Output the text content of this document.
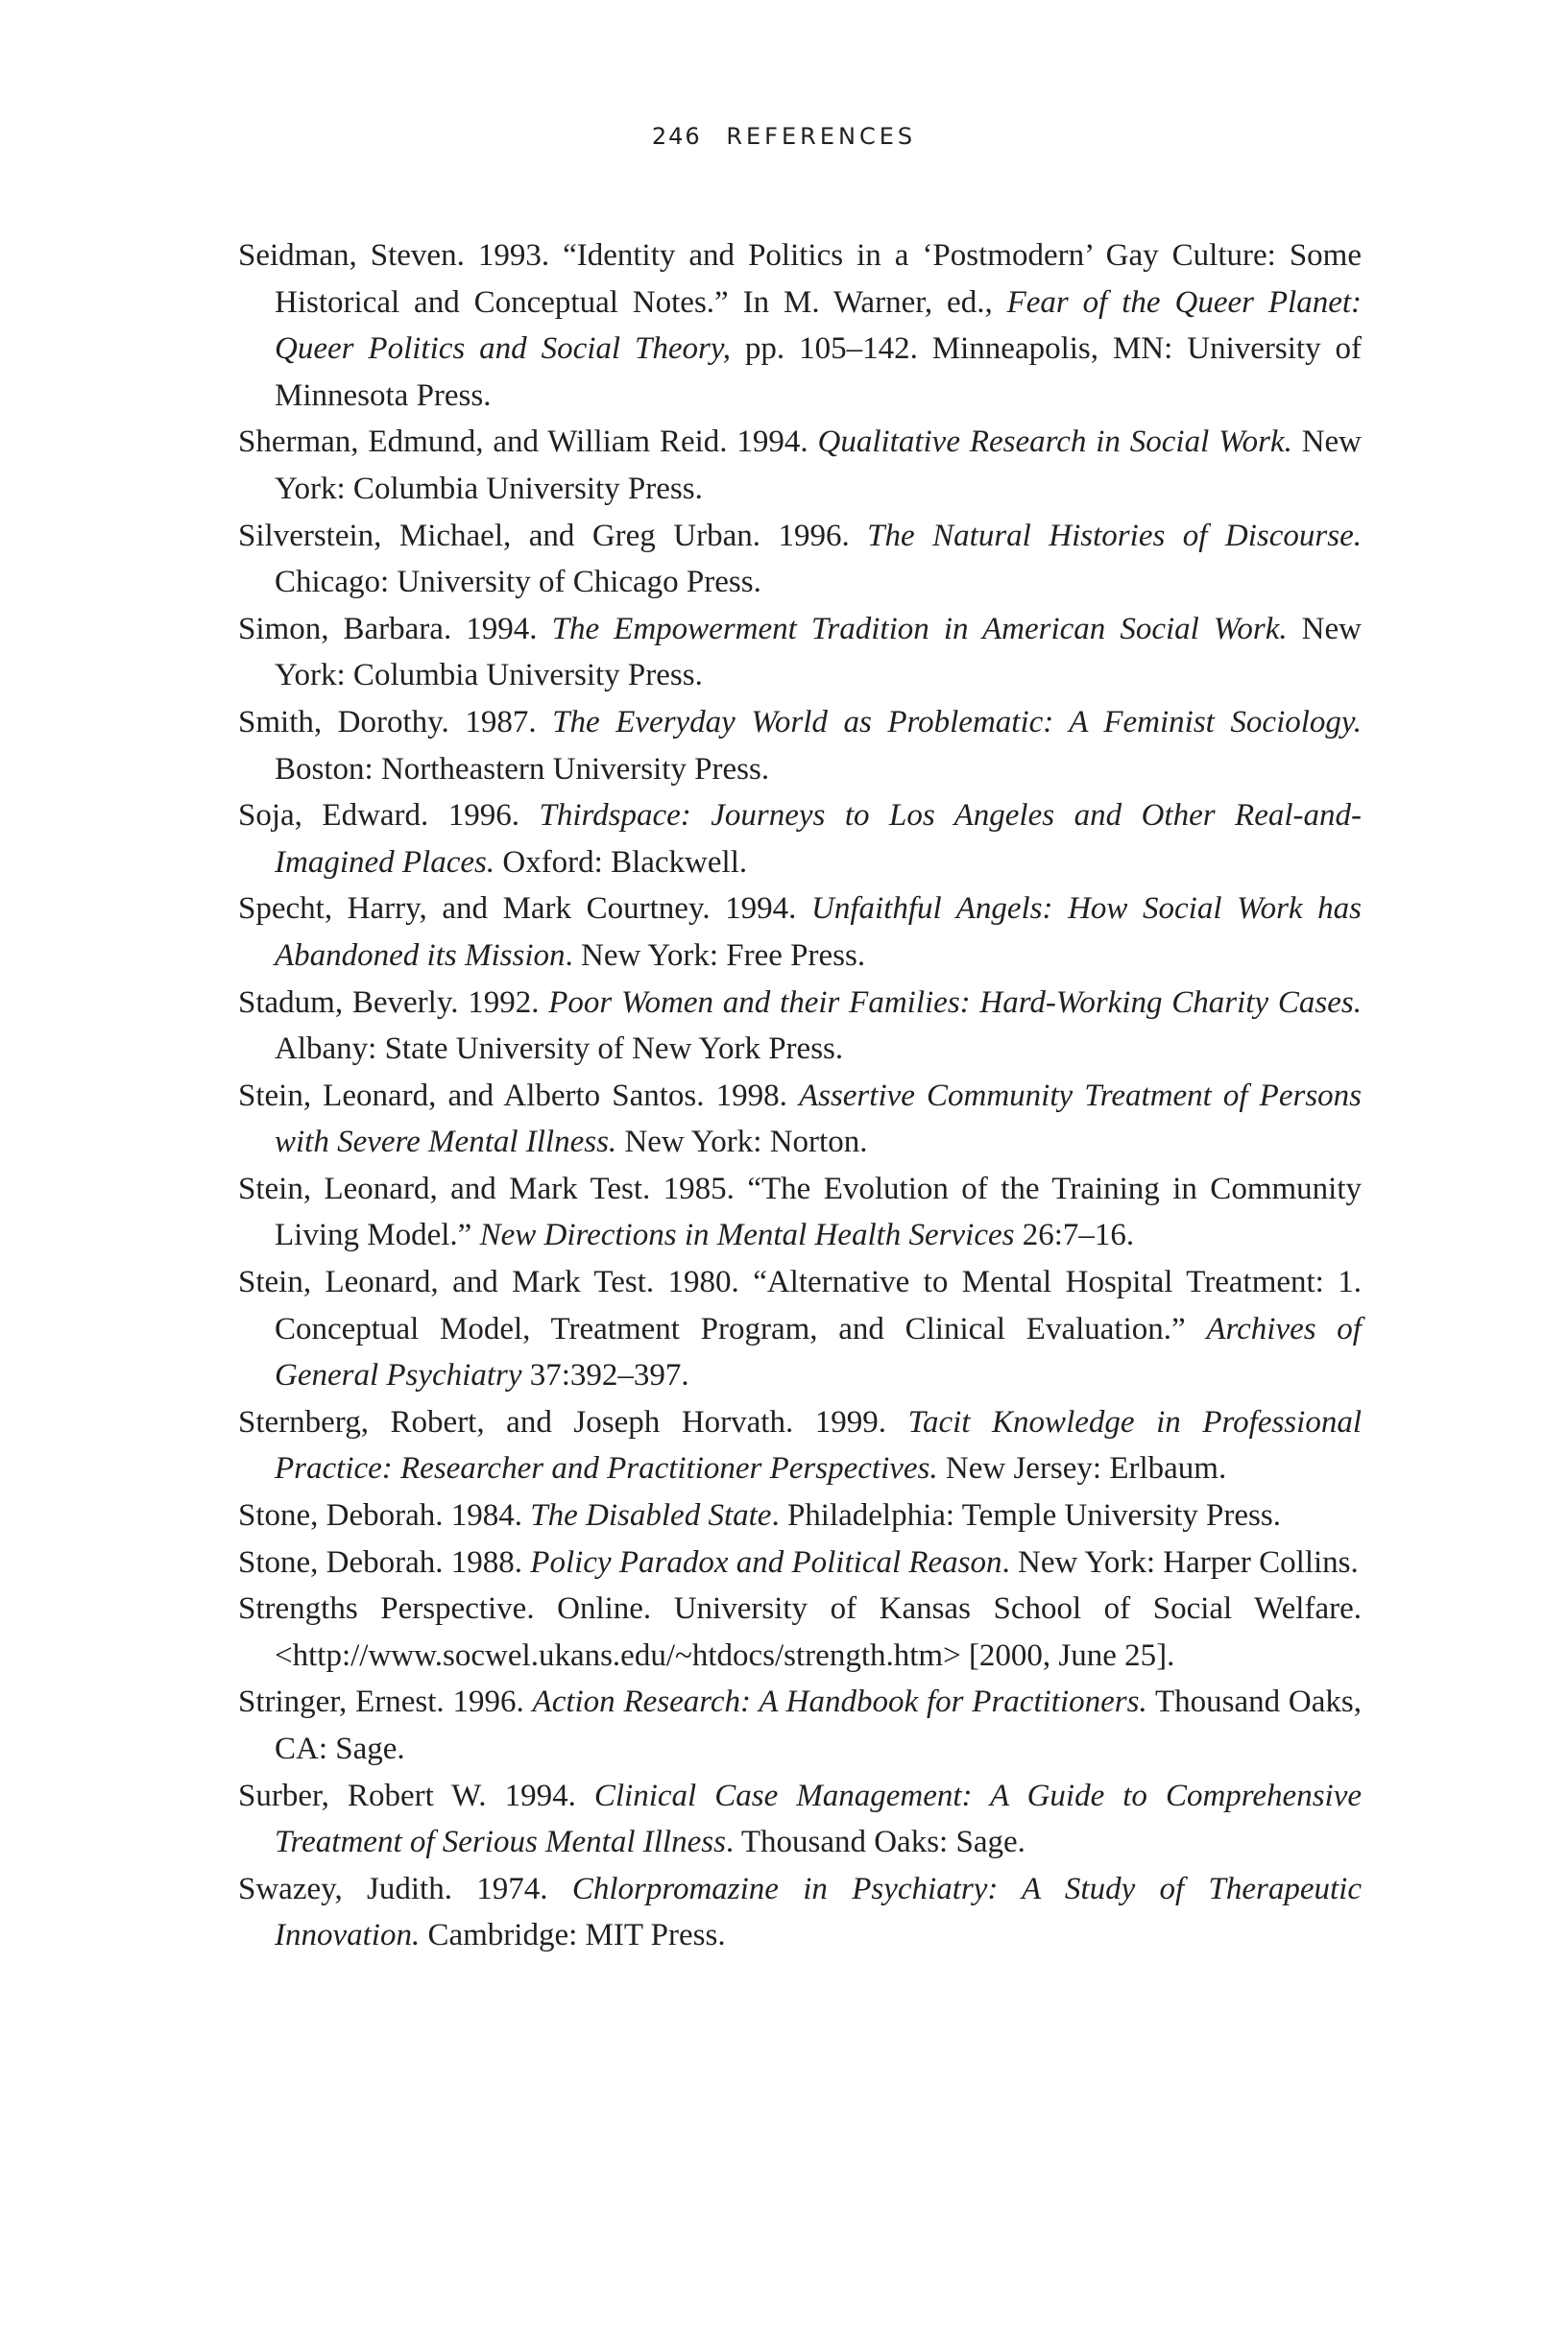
246 REFERENCES

Seidman, Steven. 1993. “Identity and Politics in a ‘Postmodern’ Gay Culture: Some Historical and Conceptual Notes.” In M. Warner, ed., Fear of the Queer Planet: Queer Politics and Social Theory, pp. 105–142. Minneapolis, MN: University of Minnesota Press.

Sherman, Edmund, and William Reid. 1994. Qualitative Research in Social Work. New York: Columbia University Press.

Silverstein, Michael, and Greg Urban. 1996. The Natural Histories of Discourse. Chicago: University of Chicago Press.

Simon, Barbara. 1994. The Empowerment Tradition in American Social Work. New York: Columbia University Press.

Smith, Dorothy. 1987. The Everyday World as Problematic: A Feminist Sociology. Boston: Northeastern University Press.

Soja, Edward. 1996. Thirdspace: Journeys to Los Angeles and Other Real-and-Imagined Places. Oxford: Blackwell.

Specht, Harry, and Mark Courtney. 1994. Unfaithful Angels: How Social Work has Abandoned its Mission. New York: Free Press.

Stadum, Beverly. 1992. Poor Women and their Families: Hard-Working Charity Cases. Albany: State University of New York Press.

Stein, Leonard, and Alberto Santos. 1998. Assertive Community Treatment of Persons with Severe Mental Illness. New York: Norton.

Stein, Leonard, and Mark Test. 1985. “The Evolution of the Training in Community Living Model.” New Directions in Mental Health Services 26:7–16.

Stein, Leonard, and Mark Test. 1980. “Alternative to Mental Hospital Treatment: 1. Conceptual Model, Treatment Program, and Clinical Evaluation.” Archives of General Psychiatry 37:392–397.

Sternberg, Robert, and Joseph Horvath. 1999. Tacit Knowledge in Professional Practice: Researcher and Practitioner Perspectives. New Jersey: Erlbaum.

Stone, Deborah. 1984. The Disabled State. Philadelphia: Temple University Press.

Stone, Deborah. 1988. Policy Paradox and Political Reason. New York: Harper Collins.

Strengths Perspective. Online. University of Kansas School of Social Welfare. <http://www.socwel.ukans.edu/~htdocs/strength.htm> [2000, June 25].

Stringer, Ernest. 1996. Action Research: A Handbook for Practitioners. Thousand Oaks, CA: Sage.

Surber, Robert W. 1994. Clinical Case Management: A Guide to Comprehensive Treatment of Serious Mental Illness. Thousand Oaks: Sage.

Swazey, Judith. 1974. Chlorpromazine in Psychiatry: A Study of Therapeutic Innovation. Cambridge: MIT Press.
